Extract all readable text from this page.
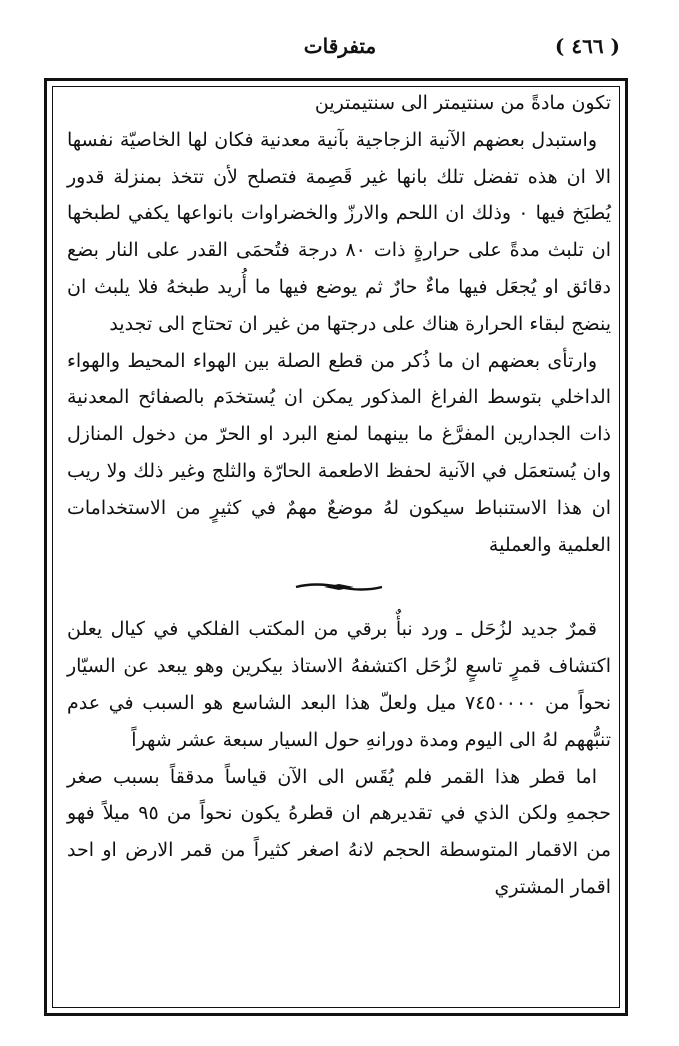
( ٤٦٦ )
متفرقات

تكون مادةً من سنتيمتر الى سنتيمترين

واستبدل بعضهم الآنية الزجاجية بآنية معدنية فكان لها الخاصيّة نفسها الا ان هذه تفضل تلك بانها غير قَصِمة فتصلح لأن تتخذ بمنزلة قدور يُطبَخ فيها ٠ وذلك ان اللحم والارزّ والخضراوات بانواعها يكفي لطبخها ان تلبث مدةً على حرارةٍ ذات ٨٠ درجة فتُحمَى القدر على النار بضع دقائق او يُجعَل فيها ماءٌ حارٌ ثم يوضع فيها ما أُريد طبخهُ فلا يلبث ان ينضج لبقاء الحرارة هناك على درجتها من غير ان تحتاج الى تجديد

وارتأى بعضهم ان ما ذُكر من قطع الصلة بين الهواء المحيط والهواء الداخلي بتوسط الفراغ المذكور يمكن ان يُستخدَم بالصفائح المعدنية ذات الجدارين المفرَّغ ما بينهما لمنع البرد او الحرّ من دخول المنازل وان يُستعمَل في الآنية لحفظ الاطعمة الحارّة والثلج وغير ذلك ولا ريب ان هذا الاستنباط سيكون لهُ موضعٌ مهمٌ في كثيرٍ من الاستخدامات العلمية والعملية

قمرٌ جديد لزُحَل ـ ورد نبأٌ برقي من المكتب الفلكي في كيال يعلن اكتشاف قمرٍ تاسعٍ لزُحَل اكتشفهُ الاستاذ بيكرين وهو يبعد عن السيّار نحواً من ٧٤٥٠٠٠٠ ميل ولعلّ هذا البعد الشاسع هو السبب في عدم تنبُّههم لهُ الى اليوم ومدة دورانهِ حول السيار سبعة عشر شهراً

اما قطر هذا القمر فلم يُقَس الى الآن قياساً مدققاً بسبب صغر حجمهِ ولكن الذي في تقديرهم ان قطرهُ يكون نحواً من ٩٥ ميلاً فهو من الاقمار المتوسطة الحجم لانهُ اصغر كثيراً من قمر الارض او احد اقمار المشتري
